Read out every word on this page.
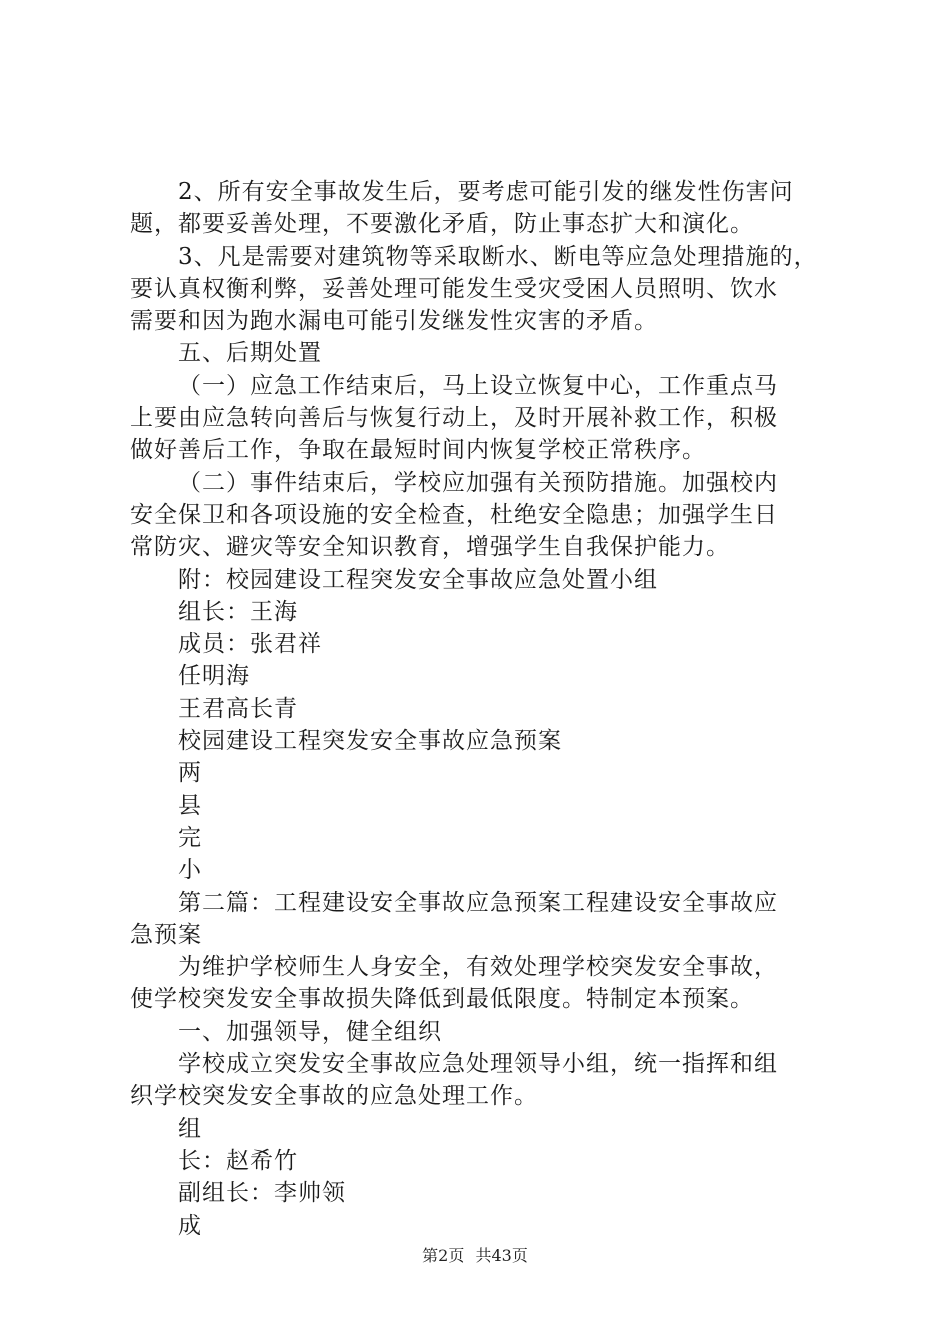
2、所有安全事故发生后，要考虑可能引发的继发性伤害问
题，都要妥善处理，不要激化矛盾，防止事态扩大和演化。
3、凡是需要对建筑物等采取断水、断电等应急处理措施的，
要认真权衡利弊，妥善处理可能发生受灾受困人员照明、饮水
需要和因为跑水漏电可能引发继发性灾害的矛盾。
五、后期处置
（一）应急工作结束后，马上设立恢复中心，工作重点马
上要由应急转向善后与恢复行动上，及时开展补救工作，积极
做好善后工作，争取在最短时间内恢复学校正常秩序。
（二）事件结束后，学校应加强有关预防措施。加强校内
安全保卫和各项设施的安全检查，杜绝安全隐患；加强学生日
常防灾、避灾等安全知识教育，增强学生自我保护能力。
附：校园建设工程突发安全事故应急处置小组
组长：王海
成员：张君祥
任明海
王君高长青
校园建设工程突发安全事故应急预案
两
县
完
小
第二篇：工程建设安全事故应急预案工程建设安全事故应
急预案
为维护学校师生人身安全，有效处理学校突发安全事故，
使学校突发安全事故损失降低到最低限度。特制定本预案。
一、加强领导，健全组织
学校成立突发安全事故应急处理领导小组，统一指挥和组
织学校突发安全事故的应急处理工作。
组
长：赵希竹
副组长：李帅领
成
第2页 共43页
